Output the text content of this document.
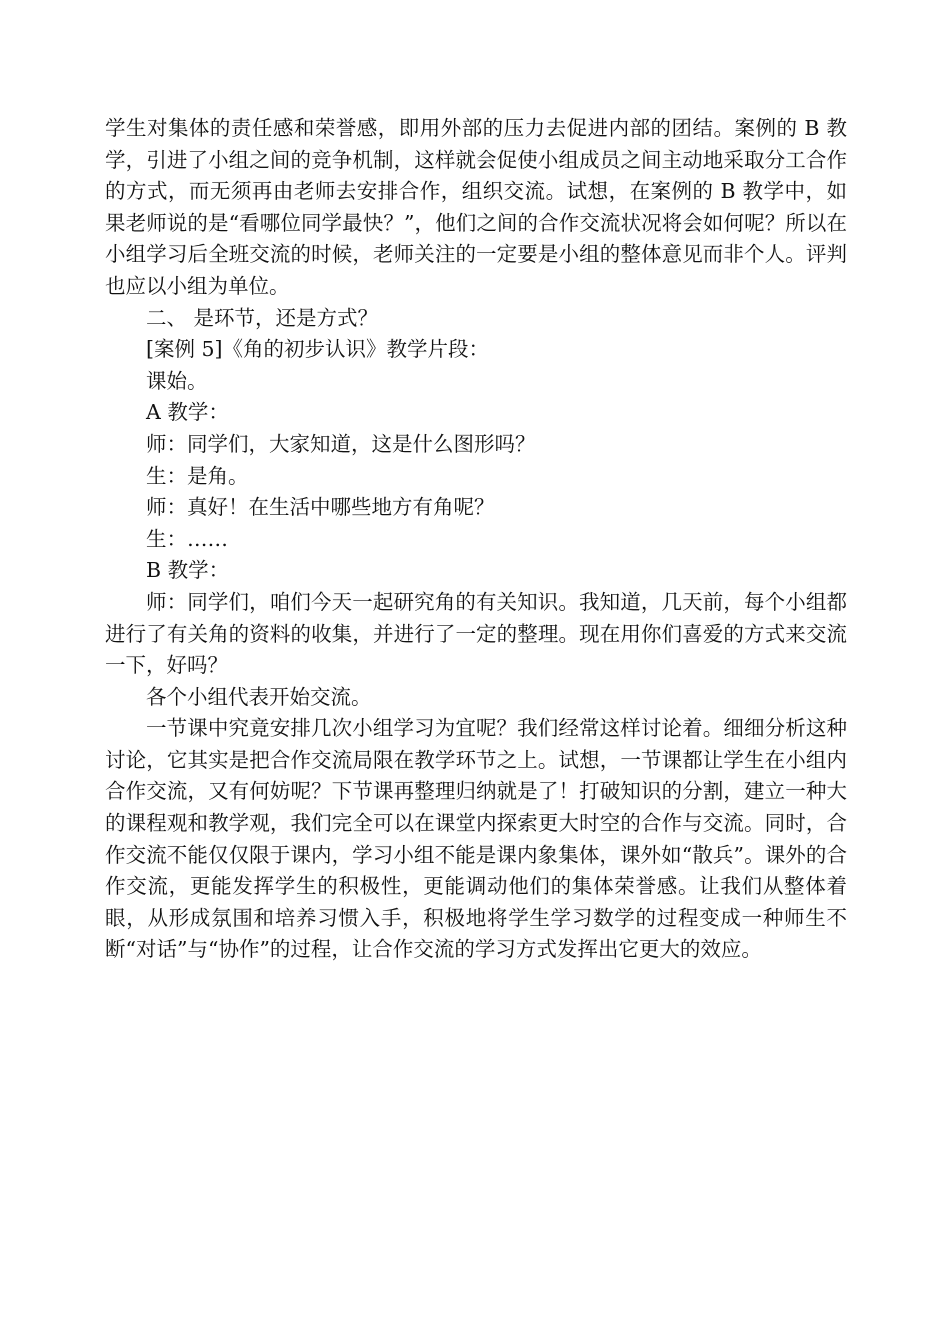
学生对集体的责任感和荣誉感，即用外部的压力去促进内部的团结。案例的 B 教学，引进了小组之间的竞争机制，这样就会促使小组成员之间主动地采取分工合作的方式，而无须再由老师去安排合作，组织交流。试想，在案例的 B 教学中，如果老师说的是“看哪位同学最快？”，他们之间的合作交流状况将会如何呢？所以在小组学习后全班交流的时候，老师关注的一定要是小组的整体意见而非个人。评判也应以小组为单位。

二、 是环节，还是方式？

[案例 5]《角的初步认识》教学片段：

课始。

A 教学：

师：同学们，大家知道，这是什么图形吗？

生：是角。

师：真好！在生活中哪些地方有角呢？

生：……

B 教学：

师：同学们，咱们今天一起研究角的有关知识。我知道，几天前，每个小组都进行了有关角的资料的收集，并进行了一定的整理。现在用你们喜爱的方式来交流一下，好吗？

各个小组代表开始交流。

一节课中究竟安排几次小组学习为宜呢？我们经常这样讨论着。细细分析这种讨论，它其实是把合作交流局限在教学环节之上。试想，一节课都让学生在小组内合作交流，又有何妨呢？下节课再整理归纳就是了！打破知识的分割，建立一种大的课程观和教学观，我们完全可以在课堂内探索更大时空的合作与交流。同时，合作交流不能仅仅限于课内，学习小组不能是课内象集体，课外如“散兵”。课外的合作交流，更能发挥学生的积极性，更能调动他们的集体荣誉感。让我们从整体着眼，从形成氛围和培养习惯入手，积极地将学生学习数学的过程变成一种师生不断“对话”与“协作”的过程，让合作交流的学习方式发挥出它更大的效应。
